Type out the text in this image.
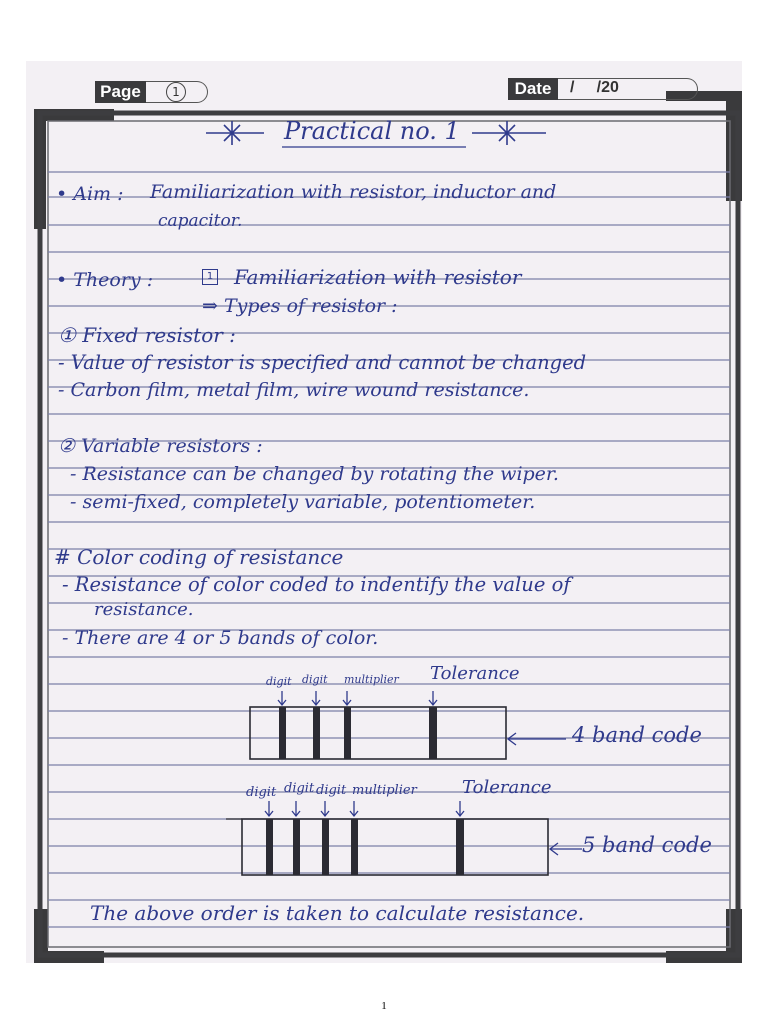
Practical no. 1
• Aim : Familiarization with resistor, inductor and
capacitor.
• Theory :	1 Familiarization with resistor
⇒ Types of resistor :
① Fixed resistor :
- Value of resistor is specified and cannot be changed
- Carbon film, metal film, wire wound resistance.
② Variable resistors :
- Resistance can be changed by rotating the wiper.
- semi-fixed, completely variable, potentiometer.
# Color coding of resistance
- Resistance of color coded to indentify the value of
resistance.
- There are 4 or 5 bands of color.
digit digit multiplier Tolerance
4 band code
digit digit digit multiplier	Tolerance
5 band code
The above order is taken to calculate resistance.
Page	1	Date	/     /20
1
